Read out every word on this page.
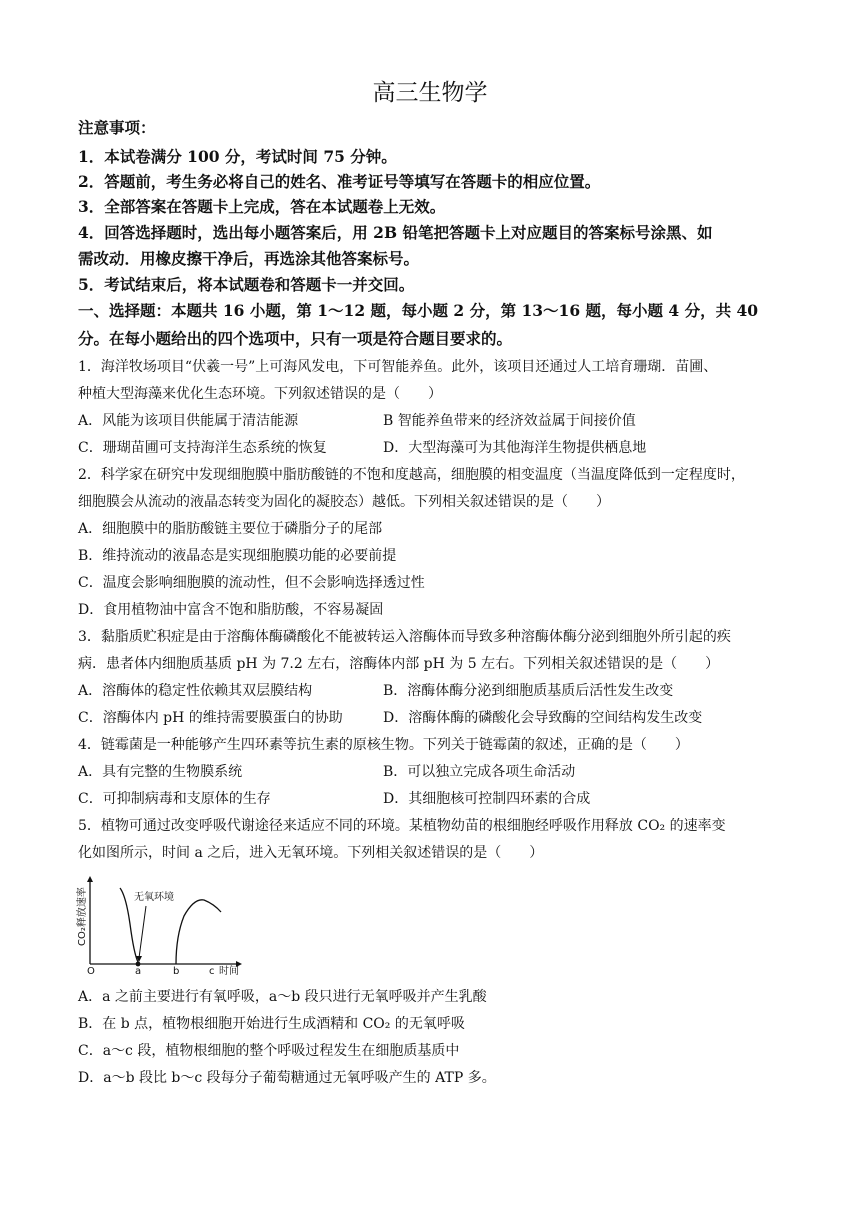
高三生物学
注意事项：
1．本试卷满分 100 分，考试时间 75 分钟。
2．答题前，考生务必将自己的姓名、准考证号等填写在答题卡的相应位置。
3．全部答案在答题卡上完成，答在本试题卷上无效。
4．回答选择题时，选出每小题答案后，用 2B 铅笔把答题卡上对应题目的答案标号涂黑、如
需改动．用橡皮擦干净后，再选涂其他答案标号。
5．考试结束后，将本试题卷和答题卡一并交回。
一、选择题：本题共 16 小题，第 1～12 题，每小题 2 分，第 13～16 题，每小题 4 分，共 40
分。在每小题给出的四个选项中，只有一项是符合题目要求的。
1．海洋牧场项目“伏羲一号”上可海风发电，下可智能养鱼。此外，该项目还通过人工培育珊瑚．苗圃、
种植大型海藻来优化生态环境。下列叙述错误的是（　　）
A．风能为该项目供能属于清洁能源	B 智能养鱼带来的经济效益属于间接价值
C．珊瑚苗圃可支持海洋生态系统的恢复	D．大型海藻可为其他海洋生物提供栖息地
2．科学家在研究中发现细胞膜中脂肪酸链的不饱和度越高，细胞膜的相变温度（当温度降低到一定程度时，
细胞膜会从流动的液晶态转变为固化的凝胶态）越低。下列相关叙述错误的是（　　）
A．细胞膜中的脂肪酸链主要位于磷脂分子的尾部
B．维持流动的液晶态是实现细胞膜功能的必要前提
C．温度会影响细胞膜的流动性，但不会影响选择透过性
D．食用植物油中富含不饱和脂肪酸，不容易凝固
3．黏脂质贮积症是由于溶酶体酶磷酸化不能被转运入溶酶体而导致多种溶酶体酶分泌到细胞外所引起的疾
病．患者体内细胞质基质 pH 为 7.2 左右，溶酶体内部 pH 为 5 左右。下列相关叙述错误的是（　　）
A．溶酶体的稳定性依赖其双层膜结构	B．溶酶体酶分泌到细胞质基质后活性发生改变
C．溶酶体内 pH 的维持需要膜蛋白的协助	D．溶酶体酶的磷酸化会导致酶的空间结构发生改变
4．链霉菌是一种能够产生四环素等抗生素的原核生物。下列关于链霉菌的叙述，正确的是（　　）
A．具有完整的生物膜系统	B．可以独立完成各项生命活动
C．可抑制病毒和支原体的生存	D．其细胞核可控制四环素的合成
5．植物可通过改变呼吸代谢途径来适应不同的环境。某植物幼苗的根细胞经呼吸作用释放 CO₂ 的速率变
化如图所示，时间 a 之后，进入无氧环境。下列相关叙述错误的是（　　）
无氧环境
CO₂释放速率
O	a	b	c 时间
A．a 之前主要进行有氧呼吸，a～b 段只进行无氧呼吸并产生乳酸
B．在 b 点，植物根细胞开始进行生成酒精和 CO₂ 的无氧呼吸
C．a～c 段，植物根细胞的整个呼吸过程发生在细胞质基质中
D．a～b 段比 b～c 段每分子葡萄糖通过无氧呼吸产生的 ATP 多。
